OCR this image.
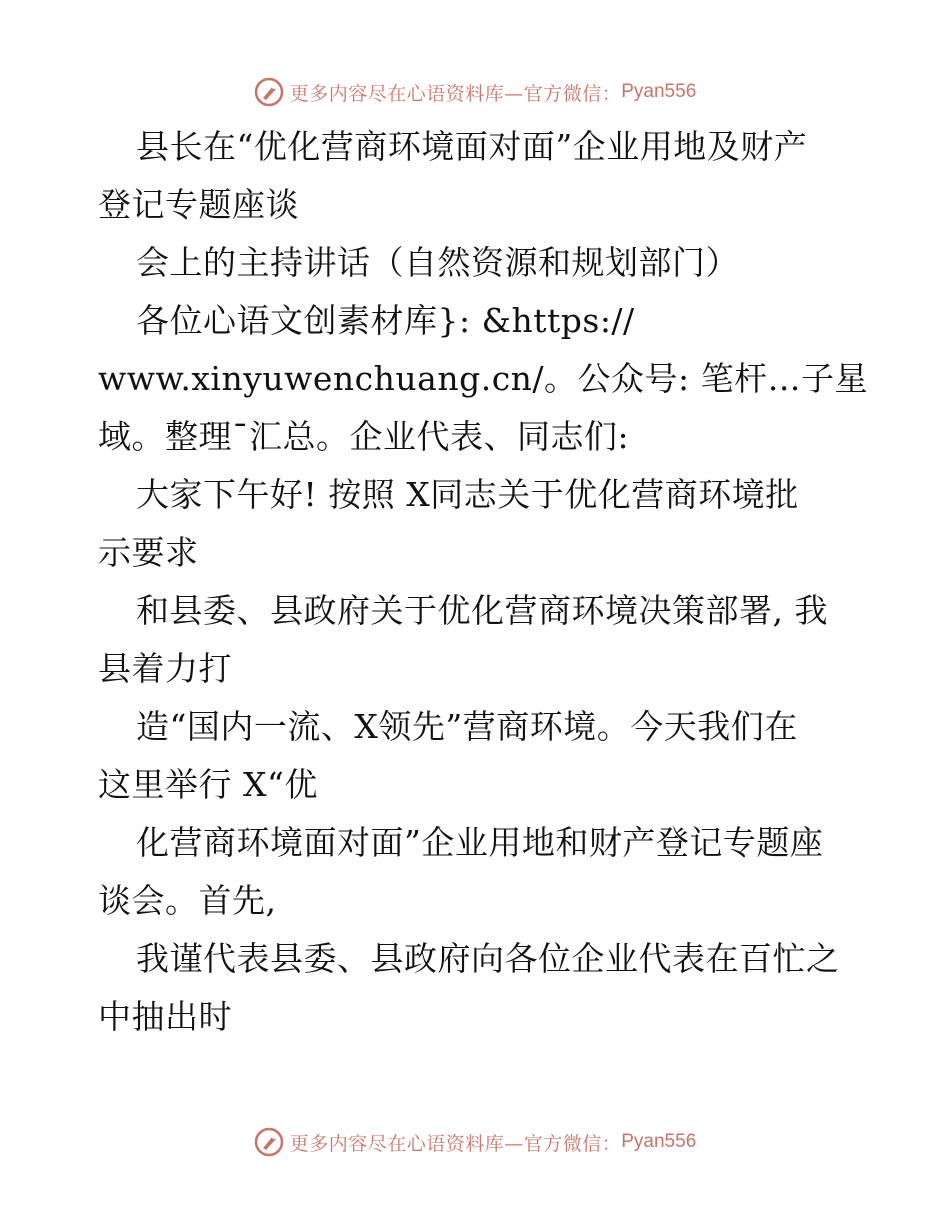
更多内容尽在心语资料库—官方微信： Pyan556
县长在“优化营商环境面对面”企业用地及财产
登记专题座谈
会上的主持讲话（自然资源和规划部门）
各位心语文创素材库}: &https://
www.xinyuwenchuang.cn/。公众号: 笔杆…子星
域。整理¯汇总。企业代表、同志们:
大家下午好! 按照 X同志关于优化营商环境批
示要求
和县委、县政府关于优化营商环境决策部署, 我
县着力打
造“国内一流、X领先”营商环境。今天我们在
这里举行 X“优
化营商环境面对面”企业用地和财产登记专题座
谈会。首先,
我谨代表县委、县政府向各位企业代表在百忙之
中抽出时
更多内容尽在心语资料库—官方微信： Pyan556
